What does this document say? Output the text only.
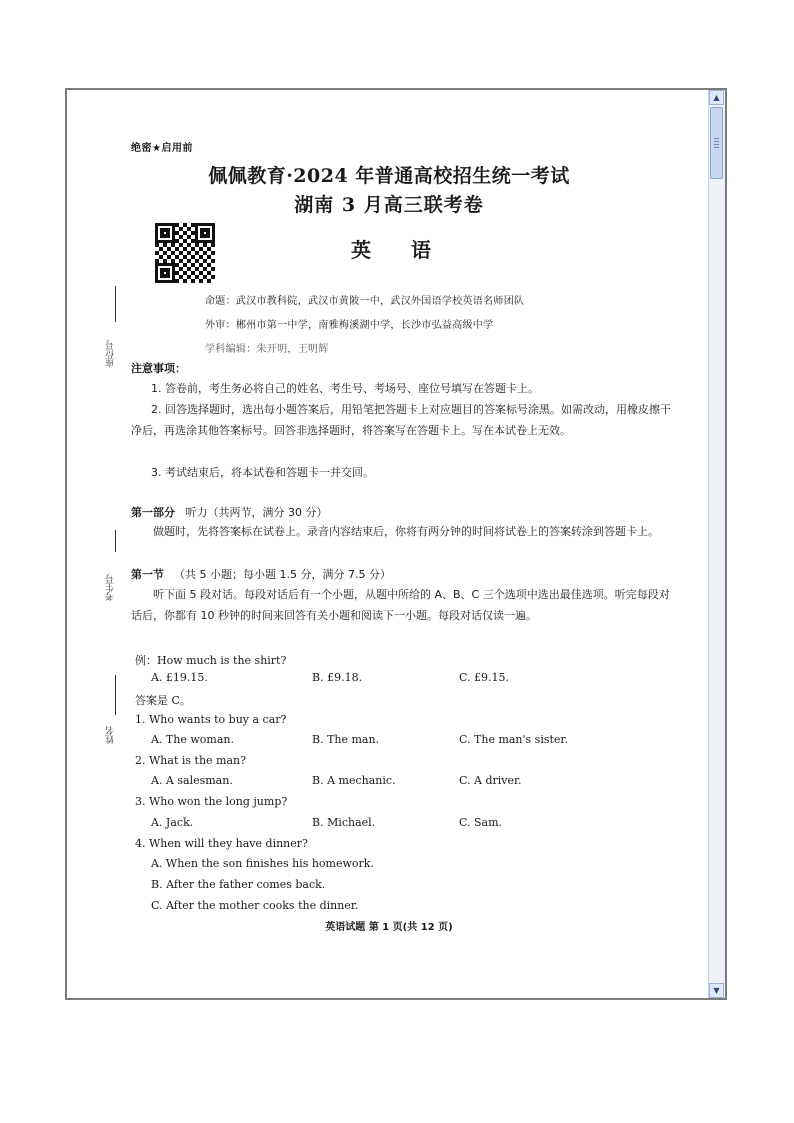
绝密★启用前
佩佩教育·2024 年普通高校招生统一考试
湖南 3 月高三联考卷
英 语
命题：武汉市教科院，武汉市黄陂一中，武汉外国语学校英语名师团队
外审：郴州市第一中学，南雅梅溪湖中学，长沙市弘益高级中学
学科编辑：朱开明，王明辉
座位号
考生号
姓名
注意事项：
1. 答卷前，考生务必将自己的姓名、考生号、考场号、座位号填写在答题卡上。
2. 回答选择题时，选出每小题答案后，用铅笔把答题卡上对应题目的答案标号涂黑。如需改动，用橡皮擦干净后，再选涂其他答案标号。回答非选择题时，将答案写在答题卡上。写在本试卷上无效。
3. 考试结束后，将本试卷和答题卡一并交回。
第一部分 听力（共两节，满分 30 分）
做题时，先将答案标在试卷上。录音内容结束后，你将有两分钟的时间将试卷上的答案转涂到答题卡上。
第一节 （共 5 小题；每小题 1.5 分，满分 7.5 分）
听下面 5 段对话。每段对话后有一个小题，从题中所给的 A、B、C 三个选项中选出最佳选项。听完每段对话后，你都有 10 秒钟的时间来回答有关小题和阅读下一小题。每段对话仅读一遍。
例：How much is the shirt?
A. £19.15.	B. £9.18.	C. £9.15.
答案是 C。
1. Who wants to buy a car?
A. The woman.	B. The man.	C. The man's sister.
2. What is the man?
A. A salesman.	B. A mechanic.	C. A driver.
3. Who won the long jump?
A. Jack.	B. Michael.	C. Sam.
4. When will they have dinner?
A. When the son finishes his homework.
B. After the father comes back.
C. After the mother cooks the dinner.
英语试题 第 1 页(共 12 页)
▲
▼
